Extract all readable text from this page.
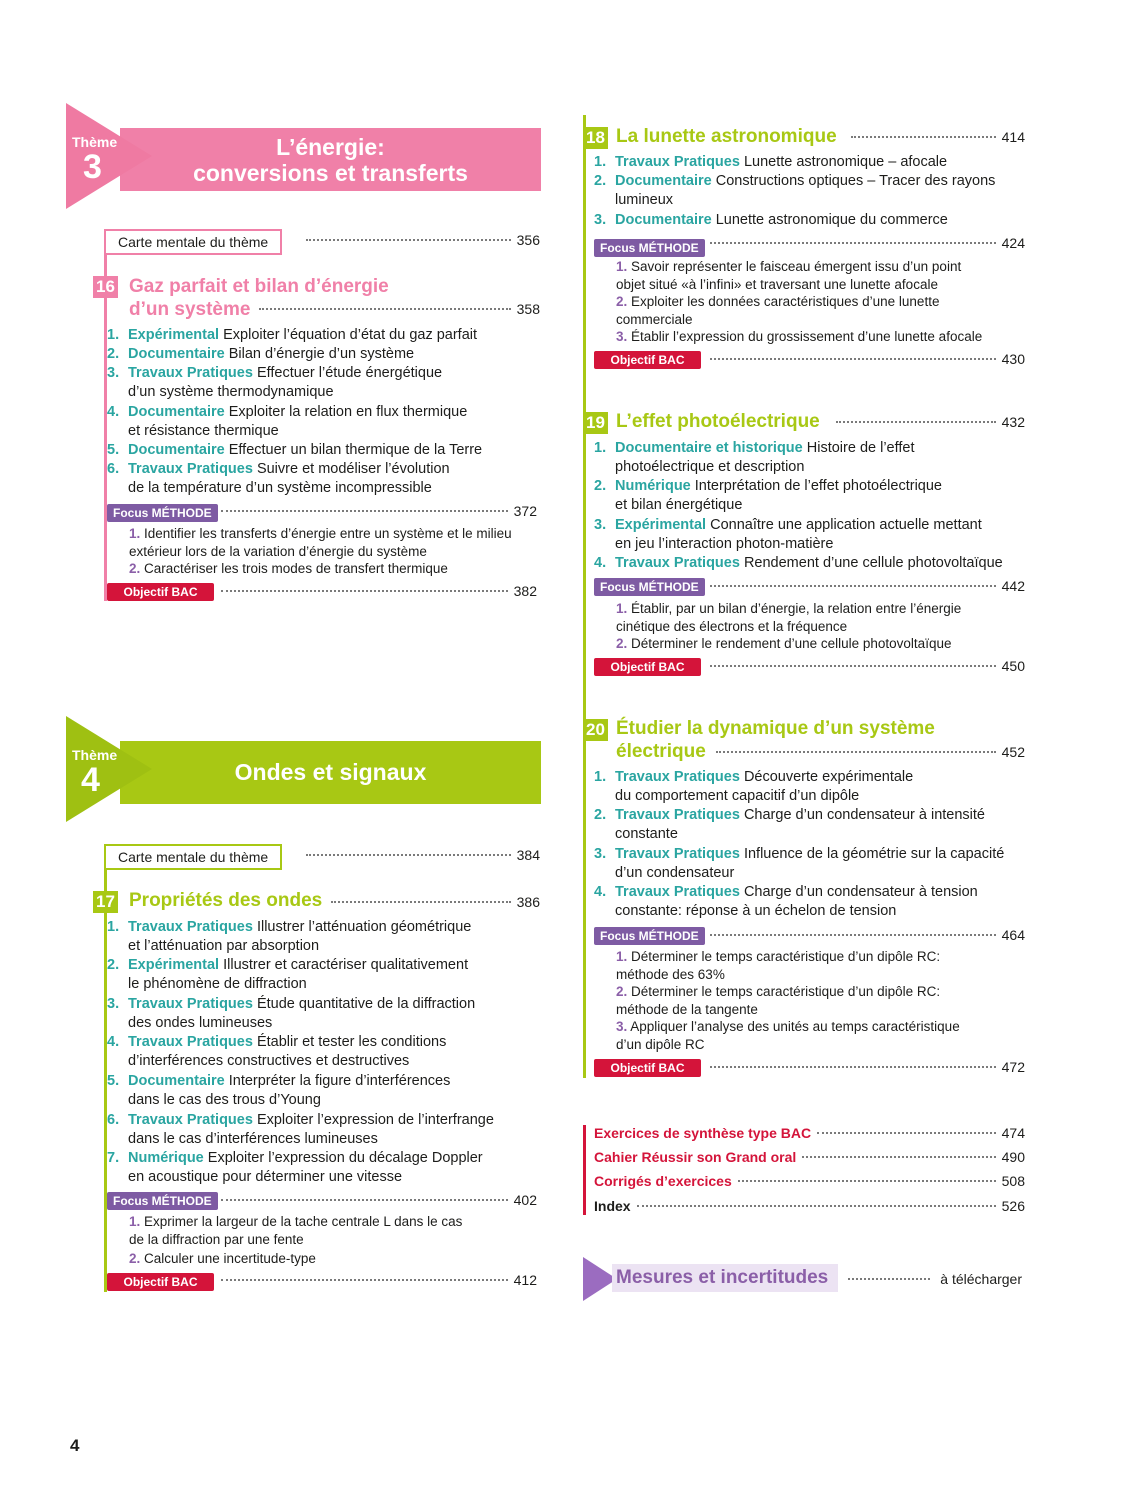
L’énergie:
conversions et transferts
Thème
3
Carte mentale du thème	356
16 Gaz parfait et bilan d’énergie
d’un système	358
1. Expérimental Exploiter l’équation d’état du gaz parfait
2. Documentaire Bilan d’énergie d’un système
3. Travaux Pratiques Effectuer l’étude énergétique
d’un système thermodynamique
4. Documentaire Exploiter la relation en flux thermique
et résistance thermique
5. Documentaire Effectuer un bilan thermique de la Terre
6. Travaux Pratiques Suivre et modéliser l’évolution
de la température d’un système incompressible
Focus MÉTHODE	372
1. Identifier les transferts d’énergie entre un système et le milieu
extérieur lors de la variation d’énergie du système
2. Caractériser les trois modes de transfert thermique
Objectif BAC	382
Ondes et signaux
Thème
4
Carte mentale du thème	384
17 Propriétés des ondes	386
1. Travaux Pratiques Illustrer l’atténuation géométrique
et l’atténuation par absorption
2. Expérimental Illustrer et caractériser qualitativement
le phénomène de diffraction
3. Travaux Pratiques Étude quantitative de la diffraction
des ondes lumineuses
4. Travaux Pratiques Établir et tester les conditions
d’interférences constructives et destructives
5. Documentaire Interpréter la figure d’interférences
dans le cas des trous d’Young
6. Travaux Pratiques Exploiter l’expression de l’interfrange
dans le cas d’interférences lumineuses
7. Numérique Exploiter l’expression du décalage Doppler
en acoustique pour déterminer une vitesse
Focus MÉTHODE	402
1. Exprimer la largeur de la tache centrale L dans le cas
de la diffraction par une fente
2. Calculer une incertitude-type
Objectif BAC	412
18 La lunette astronomique	414
1. Travaux Pratiques Lunette astronomique – afocale
2. Documentaire Constructions optiques – Tracer des rayons
lumineux
3. Documentaire Lunette astronomique du commerce
Focus MÉTHODE	424
1. Savoir représenter le faisceau émergent issu d’un point
objet situé «à l’infini» et traversant une lunette afocale
2. Exploiter les données caractéristiques d’une lunette
commerciale
3. Établir l’expression du grossissement d’une lunette afocale
Objectif BAC	430
19 L’effet photoélectrique	432
1. Documentaire et historique Histoire de l’effet
photoélectrique et description
2. Numérique Interprétation de l’effet photoélectrique
et bilan énergétique
3. Expérimental Connaître une application actuelle mettant
en jeu l’interaction photon-matière
4. Travaux Pratiques Rendement d’une cellule photovoltaïque
Focus MÉTHODE	442
1. Établir, par un bilan d’énergie, la relation entre l’énergie
cinétique des électrons et la fréquence
2. Déterminer le rendement d’une cellule photovoltaïque
Objectif BAC	450
20 Étudier la dynamique d’un système
électrique	452
1. Travaux Pratiques Découverte expérimentale
du comportement capacitif d’un dipôle
2. Travaux Pratiques Charge d’un condensateur à intensité
constante
3. Travaux Pratiques Influence de la géométrie sur la capacité
d’un condensateur
4. Travaux Pratiques Charge d’un condensateur à tension
constante: réponse à un échelon de tension
Focus MÉTHODE	464
1. Déterminer le temps caractéristique d’un dipôle RC:
méthode des 63%
2. Déterminer le temps caractéristique d’un dipôle RC:
méthode de la tangente
3. Appliquer l’analyse des unités au temps caractéristique
d’un dipôle RC
Objectif BAC	472
Exercices de synthèse type BAC	474
Cahier Réussir son Grand oral	490
Corrigés d’exercices	508
Index	526
Mesures et incertitudes	à télécharger
4
